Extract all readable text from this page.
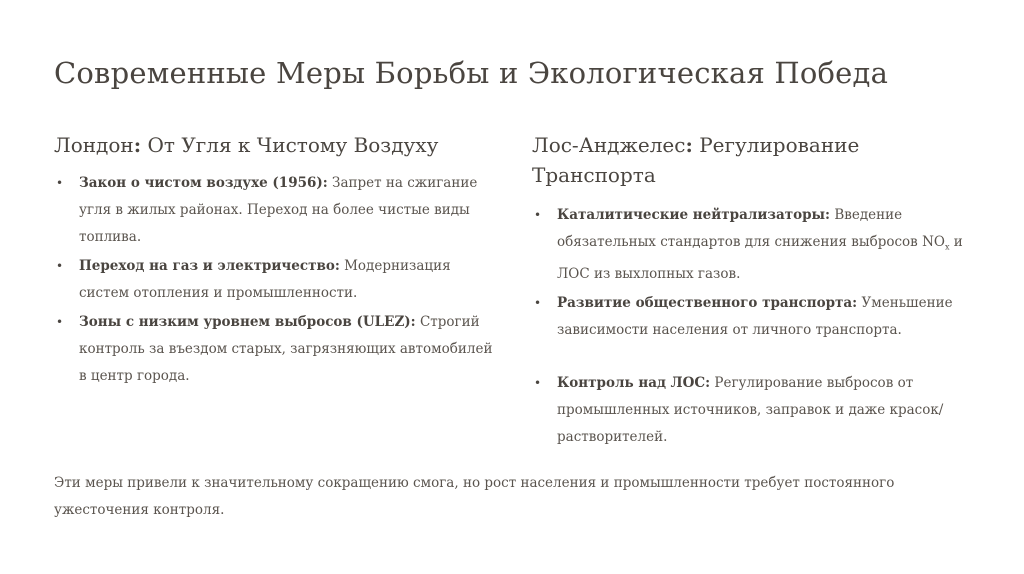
Современные Меры Борьбы и Экологическая Победа
Лондон: От Угля к Чистому Воздуху
• Закон о чистом воздухе (1956): Запрет на сжигание угля в жилых районах. Переход на более чистые виды топлива.
• Переход на газ и электричество: Модернизация систем отопления и промышленности.
• Зоны с низким уровнем выбросов (ULEZ): Строгий контроль за въездом старых, загрязняющих автомобилей в центр города.
Лос-Анджелес: Регулирование Транспорта
• Каталитические нейтрализаторы: Введение обязательных стандартов для снижения выбросов $NO_x$ и ЛОС из выхлопных газов.
• Развитие общественного транспорта: Уменьшение зависимости населения от личного транспорта.
• Контроль над ЛОС: Регулирование выбросов от промышленных источников, заправок и даже красок/растворителей.
Эти меры привели к значительному сокращению смога, но рост населения и промышленности требует постоянного ужесточения контроля.
